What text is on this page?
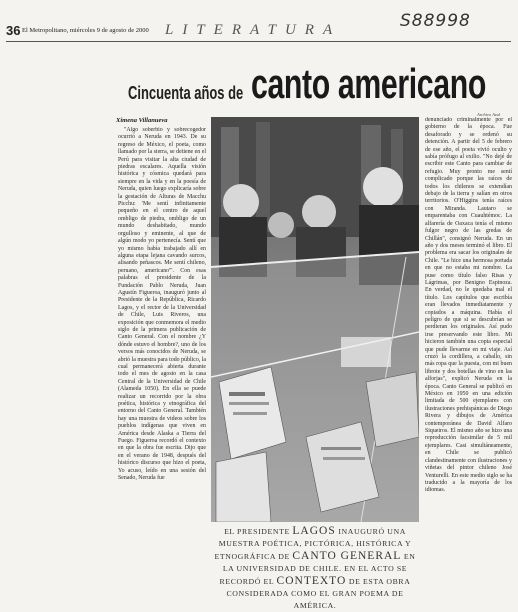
S88998
36 El Metropolitano, miércoles 9 de agosto de 2000 LITERATURA
Cincuenta años de canto americano
Archivo Azul
Ximena Villanueva

"Algo soberbio y sobrecogedor ocurrió a Neruda en 1943. De su regreso de México, el poeta, como llamado por la sierra, se detiene en el Perú para visitar la alta ciudad de piedras escalares. Aquella visión histórica y cósmica quedará para siempre en la vida y en la poesía de Neruda, quien luego explicaría sobre la gestación de Alturas de Macchu Picchu: 'Me sentí infinitamente pequeño en el centro de aquel ombligo de piedra, ombligo de un mundo deshabitado, mundo orgulloso y eminente, al que de algún modo yo pertenecía. Sentí que yo mismo había trabajado allí en alguna etapa lejana cavando surcos, alisando peñascos. Me sentí chileno, peruano, americano'". Con esas palabras el presidente de la Fundación Pablo Neruda, Juan Agustín Figueroa, inauguró junto al Presidente de la República, Ricardo Lagos, y el rector de la Universidad de Chile, Luis Riveros, una exposición que conmemora el medio siglo de la primera publicación de Canto General. Con el nombre ¿Y dónde estuvo el hombre?, uno de los versos más conocidos de Neruda, se abrió la muestra para todo público, la cual permanecerá abierta durante todo el mes de agosto en la casa Central de la Universidad de Chile (Alameda 1050). En ella se puede realizar un recorrido por la obra poética, histórica y etnográfica del entorno del Canto General. También hay una muestra de videos sobre los pueblos indígenas que viven en América desde Alaska a Tierra del Fuego. Figueroa recordó el contexto en que la obra fue escrita. Dijo que en el verano de 1948, después del histórico discurso que hizo el poeta, Yo acuso, leído en una sesión del Senado, Neruda fue

denunciado criminalmente por el gobierno de la época. Fue desaforado y se ordenó su detención. A partir del 5 de febrero de ese año, el poeta vivió oculto y sabía prófugo al exilio. "No dejé de escribir este Canto para cambiar de refugio. Muy pronto me sentí complicado porque las raíces de todos los chilenos se extendían debajo de la tierra y salían en otros territorios. O'Higgins tenía raíces con Miranda. Lautaro se emparentaba con Cuauhtémoc. La alfarería de Oaxaca tenía el mismo fulgor negro de las gredas de Chillán", consignó Neruda. En un año y dos meses terminó el libro. El problema era sacar los originales de Chile. "Le hice una hermosa portada en que no estaba mi nombre. La puse como título falso Risas y Lágrimas, por Benigno Espinoza. En verdad, no le quedaba mal el título. Los capítulos que escribía eran llevados inmediatamente y copiados a máquina. Había el peligro de que si se descubrían se perdieran los originales. Así pudo irse preservando este libro. Mi hicieron también una copia especial que pude llevarme en mi viaje. Así cruzó la cordillera, a caballo, sin más ropa que la puesta, con mi buen librote y dos botellas de vino en las alforjas", explicó Neruda en la época. Canto General se publicó en México en 1950 en una edición limitada de 500 ejemplares con ilustraciones prehispánicas de Diego Rivera y dibujos de América contemporánea de David Alfaro Siqueiros. El mismo año se hizo una reproducción facsimilar de 5 mil ejemplares. Casi simultáneamente, en Chile se publicó clandestinamente con ilustraciones y viñetas del pintor chileno José Venturelli. En este medio siglo se ha traducido a la mayoría de los idiomas.

EL PRESIDENTE LAGOS INAUGURÓ UNA MUESTRA POÉTICA, PICTÓRICA, HISTÓRICA Y ETNOGRÁFICA DE CANTO GENERAL EN LA UNIVERSIDAD DE CHILE. EN EL ACTO SE RECORDÓ EL CONTEXTO DE ESTA OBRA CONSIDERADA COMO EL GRAN POEMA DE AMÉRICA.
